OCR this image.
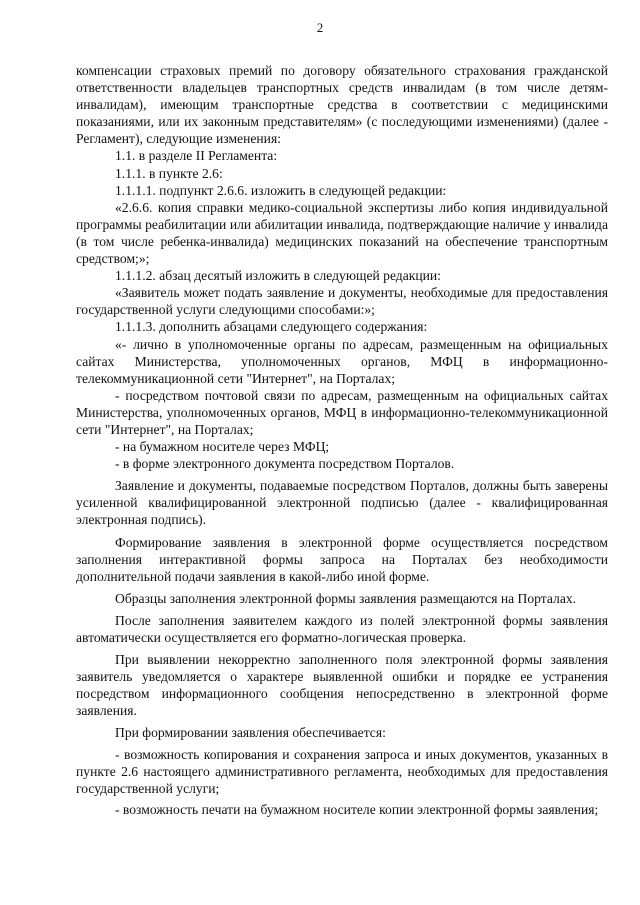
2

компенсации страховых премий по договору обязательного страхования гражданской ответственности владельцев транспортных средств инвалидам (в том числе детям-инвалидам), имеющим транспортные средства в соответствии с медицинскими показаниями, или их законным представителям» (с последующими изменениями) (далее - Регламент), следующие изменения:

1.1. в разделе II Регламента:

1.1.1. в пункте 2.6:

1.1.1.1. подпункт 2.6.6. изложить в следующей редакции:

«2.6.6. копия справки медико-социальной экспертизы либо копия индивидуальной программы реабилитации или абилитации инвалида, подтверждающие наличие у инвалида (в том числе ребенка-инвалида) медицинских показаний на обеспечение транспортным средством;»;

1.1.1.2. абзац десятый изложить в следующей редакции:

«Заявитель может подать заявление и документы, необходимые для предоставления государственной услуги следующими способами:»;

1.1.1.3. дополнить абзацами следующего содержания:

«- лично в уполномоченные органы по адресам, размещенным на официальных сайтах Министерства, уполномоченных органов, МФЦ в информационно-телекоммуникационной сети "Интернет", на Порталах;

- посредством почтовой связи по адресам, размещенным на официальных сайтах Министерства, уполномоченных органов, МФЦ в информационно-телекоммуникационной сети "Интернет", на Порталах;

- на бумажном носителе через МФЦ;

- в форме электронного документа посредством Порталов.

Заявление и документы, подаваемые посредством Порталов, должны быть заверены усиленной квалифицированной электронной подписью (далее - квалифицированная электронная подпись).

Формирование заявления в электронной форме осуществляется посредством заполнения интерактивной формы запроса на Порталах без необходимости дополнительной подачи заявления в какой-либо иной форме.

Образцы заполнения электронной формы заявления размещаются на Порталах.

После заполнения заявителем каждого из полей электронной формы заявления автоматически осуществляется его форматно-логическая проверка.

При выявлении некорректно заполненного поля электронной формы заявления заявитель уведомляется о характере выявленной ошибки и порядке ее устранения посредством информационного сообщения непосредственно в электронной форме заявления.

При формировании заявления обеспечивается:

- возможность копирования и сохранения запроса и иных документов, указанных в пункте 2.6 настоящего административного регламента, необходимых для предоставления государственной услуги;

- возможность печати на бумажном носителе копии электронной формы заявления;
